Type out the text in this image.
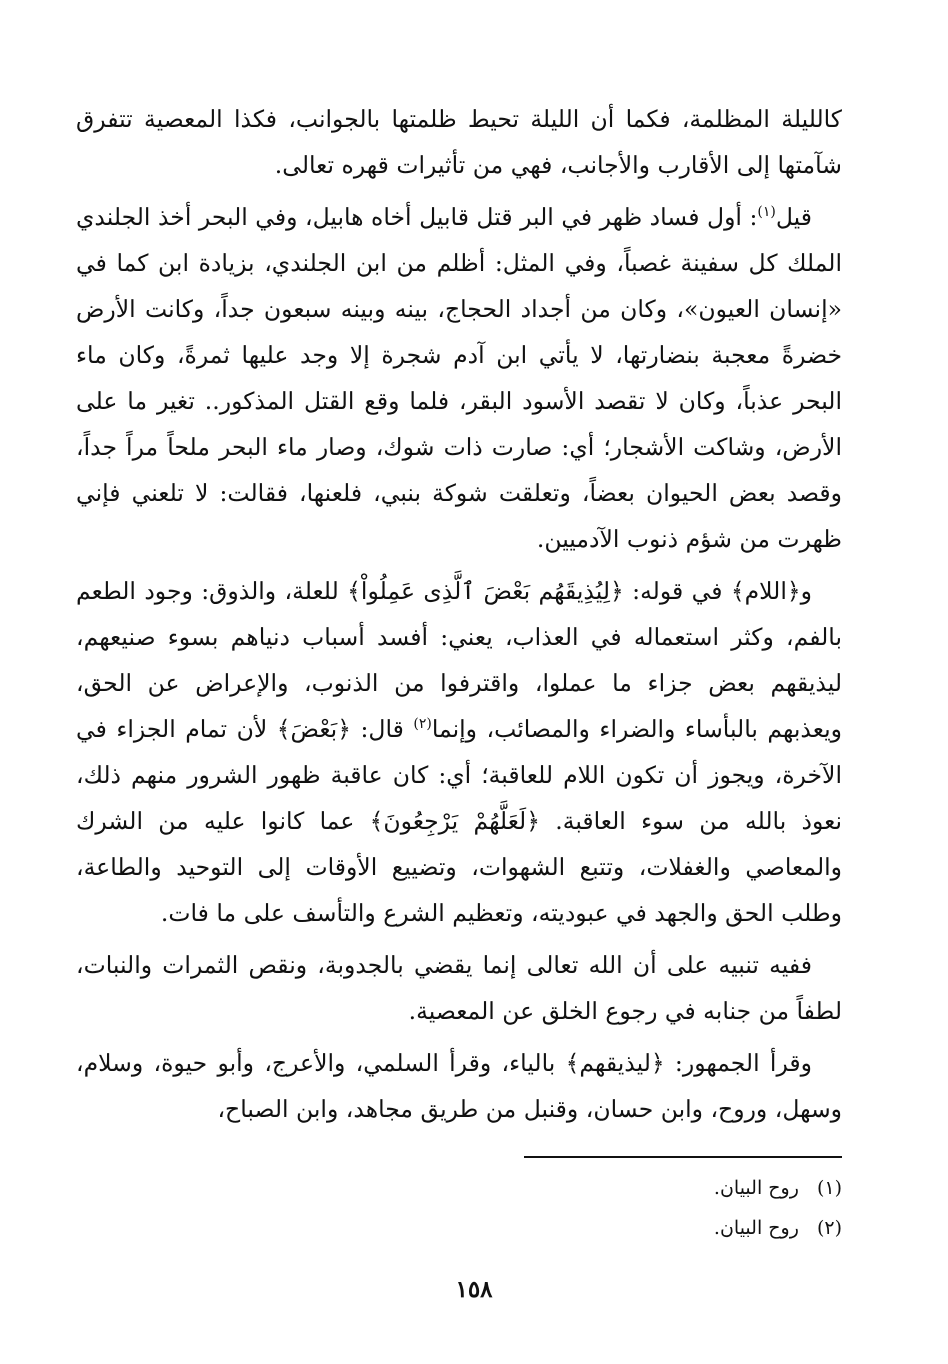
كالليلة المظلمة، فكما أن الليلة تحيط ظلمتها بالجوانب، فكذا المعصية تتفرق شآمتها إلى الأقارب والأجانب، فهي من تأثيرات قهره تعالى.

قيل$^{(١)}$: أول فساد ظهر في البر قتل قابيل أخاه هابيل، وفي البحر أخذ الجلندي الملك كل سفينة غصباً، وفي المثل: أظلم من ابن الجلندي، بزيادة ابن كما في «إنسان العيون»، وكان من أجداد الحجاج، بينه وبينه سبعون جداً، وكانت الأرض خضرةً معجبة بنضارتها، لا يأتي ابن آدم شجرة إلا وجد عليها ثمرةً، وكان ماء البحر عذباً، وكان لا تقصد الأسود البقر، فلما وقع القتل المذكور.. تغير ما على الأرض، وشاكت الأشجار؛ أي: صارت ذات شوك، وصار ماء البحر ملحاً مراً جداً، وقصد بعض الحيوان بعضاً، وتعلقت شوكة بنبي، فلعنها، فقالت: لا تلعني فإني ظهرت من شؤم ذنوب الآدميين.

و﴿اللام﴾ في قوله: ﴿لِيُذِيقَهُم بَعْضَ ٱلَّذِى عَمِلُواْ﴾ للعلة، والذوق: وجود الطعم بالفم، وكثر استعماله في العذاب، يعني: أفسد أسباب دنياهم بسوء صنيعهم، ليذيقهم بعض جزاء ما عملوا، واقترفوا من الذنوب، والإعراض عن الحق، ويعذبهم بالبأساء والضراء والمصائب، وإنما$^{(٢)}$ قال: ﴿بَعْضَ﴾ لأن تمام الجزاء في الآخرة، ويجوز أن تكون اللام للعاقبة؛ أي: كان عاقبة ظهور الشرور منهم ذلك، نعوذ بالله من سوء العاقبة. ﴿لَعَلَّهُمْ يَرْجِعُونَ﴾ عما كانوا عليه من الشرك والمعاصي والغفلات، وتتبع الشهوات، وتضييع الأوقات إلى التوحيد والطاعة، وطلب الحق والجهد في عبوديته، وتعظيم الشرع والتأسف على ما فات.

ففيه تنبيه على أن الله تعالى إنما يقضي بالجدوبة، ونقص الثمرات والنبات، لطفاً من جنابه في رجوع الخلق عن المعصية.

وقرأ الجمهور: ﴿ليذيقهم﴾ بالياء، وقرأ السلمي، والأعرج، وأبو حيوة، وسلام، وسهل، وروح، وابن حسان، وقنبل من طريق مجاهد، وابن الصباح،

(١) روح البيان.

(٢) روح البيان.

١٥٨
